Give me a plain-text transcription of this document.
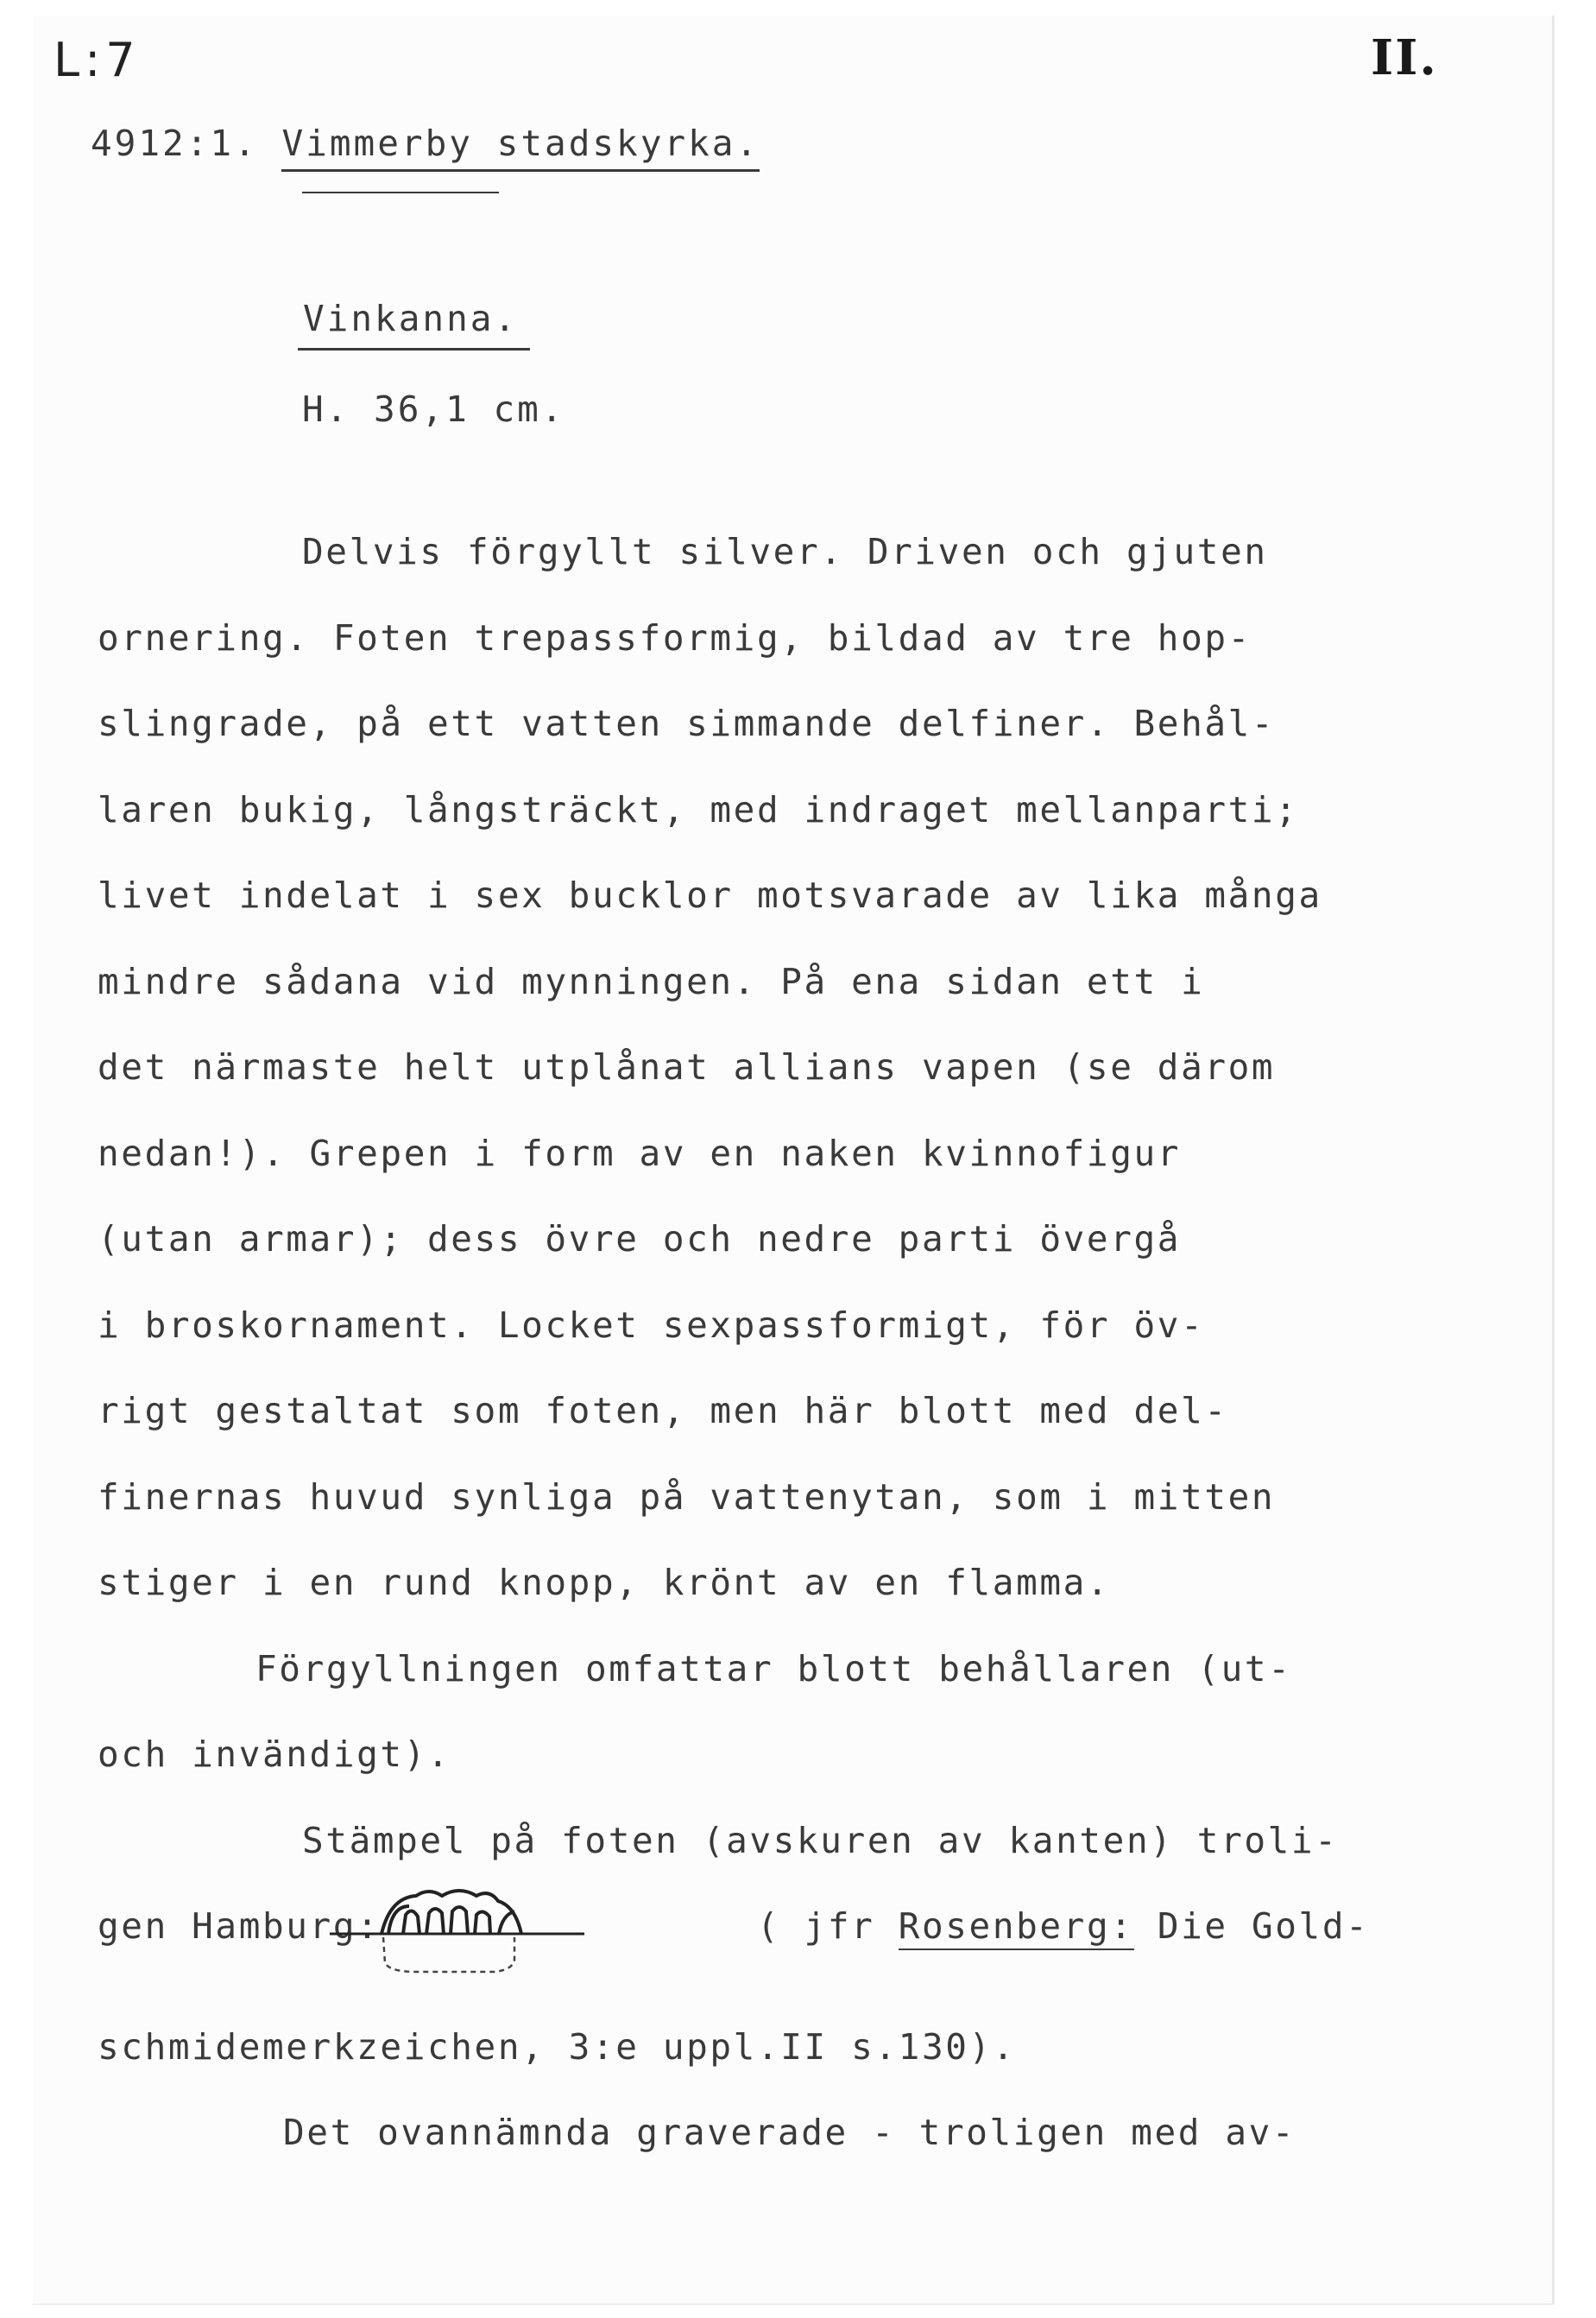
L:7	II.
4912:1. Vimmerby stadskyrka.
Vinkanna.
H. 36,1 cm.
Delvis förgyllt silver. Driven och gjuten
ornering. Foten trepassformig, bildad av tre hop-
slingrade, på ett vatten simmande delfiner. Behål-
laren bukig, långsträckt, med indraget mellanparti;
livet indelat i sex bucklor motsvarade av lika många
mindre sådana vid mynningen. På ena sidan ett i
det närmaste helt utplånat allians vapen (se därom
nedan!). Grepen i form av en naken kvinnofigur
(utan armar); dess övre och nedre parti övergå
i broskornament. Locket sexpassformigt, för öv-
rigt gestaltat som foten, men här blott med del-
finernas huvud synliga på vattenytan, som i mitten
stiger i en rund knopp, krönt av en flamma.
Förgyllningen omfattar blott behållaren (ut-
och invändigt).
Stämpel på foten (avskuren av kanten) troli-
gen Hamburg:	( jfr Rosenberg: Die Gold-
schmidemerkzeichen, 3:e uppl.II s.130).
Det ovannämnda graverade - troligen med av-
